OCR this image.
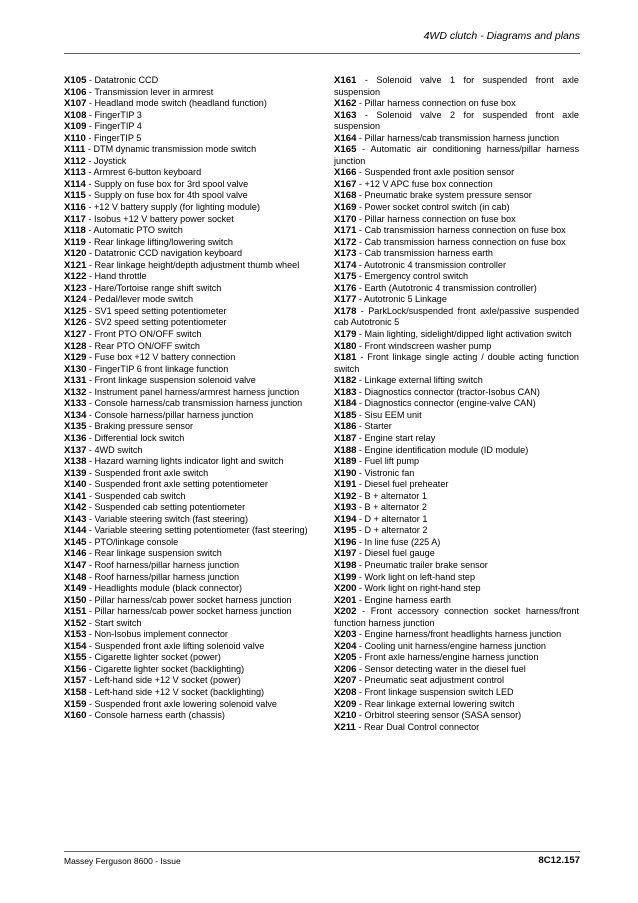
4WD clutch - Diagrams and plans

X105 - Datatronic CCD

X106 - Transmission lever in armrest

X107 - Headland mode switch (headland function)

X108 - FingerTIP 3

X109 - FingerTIP 4

X110 - FingerTIP 5

X111 - DTM dynamic transmission mode switch

X112 - Joystick

X113 - Armrest 6-button keyboard

X114 - Supply on fuse box for 3rd spool valve

X115 - Supply on fuse box for 4th spool valve

X116 - +12 V battery supply (for lighting module)

X117 - Isobus +12 V battery power socket

X118 - Automatic PTO switch

X119 - Rear linkage lifting/lowering switch

X120 - Datatronic CCD navigation keyboard

X121 - Rear linkage height/depth adjustment thumb wheel

X122 - Hand throttle

X123 - Hare/Tortoise range shift switch

X124 - Pedal/lever mode switch

X125 - SV1 speed setting potentiometer

X126 - SV2 speed setting potentiometer

X127 - Front PTO ON/OFF switch

X128 - Rear PTO ON/OFF switch

X129 - Fuse box +12 V battery connection

X130 - FingerTIP 6 front linkage function

X131 - Front linkage suspension solenoid valve

X132 - Instrument panel harness/armrest harness junction

X133 - Console harness/cab transmission harness junction

X134 - Console harness/pillar harness junction

X135 - Braking pressure sensor

X136 - Differential lock switch

X137 - 4WD switch

X138 - Hazard warning lights indicator light and switch

X139 - Suspended front axle switch

X140 - Suspended front axle setting potentiometer

X141 - Suspended cab switch

X142 - Suspended cab setting potentiometer

X143 - Variable steering switch (fast steering)

X144 - Variable steering setting potentiometer (fast steering)

X145 - PTO/linkage console

X146 - Rear linkage suspension switch

X147 - Roof harness/pillar harness junction

X148 - Roof harness/pillar harness junction

X149 - Headlights module (black connector)

X150 - Pillar harness/cab power socket harness junction

X151 - Pillar harness/cab power socket harness junction

X152 - Start switch

X153 - Non-Isobus implement connector

X154 - Suspended front axle lifting solenoid valve

X155 - Cigarette lighter socket (power)

X156 - Cigarette lighter socket (backlighting)

X157 - Left-hand side +12 V socket (power)

X158 - Left-hand side +12 V socket (backlighting)

X159 - Suspended front axle lowering solenoid valve

X160 - Console harness earth (chassis)

X161 - Solenoid valve 1 for suspended front axle suspension

X162 - Pillar harness connection on fuse box

X163 - Solenoid valve 2 for suspended front axle suspension

X164 - Pillar harness/cab transmission harness junction

X165 - Automatic air conditioning harness/pillar harness junction

X166 - Suspended front axle position sensor

X167 - +12 V APC fuse box connection

X168 - Pneumatic brake system pressure sensor

X169 - Power socket control switch (in cab)

X170 - Pillar harness connection on fuse box

X171 - Cab transmission harness connection on fuse box

X172 - Cab transmission harness connection on fuse box

X173 - Cab transmission harness earth

X174 - Autotronic 4 transmission controller

X175 - Emergency control switch

X176 - Earth (Autotronic 4 transmission controller)

X177 - Autotronic 5 Linkage

X178 - ParkLock/suspended front axle/passive suspended cab Autotronic 5

X179 - Main lighting, sidelight/dipped light activation switch

X180 - Front windscreen washer pump

X181 - Front linkage single acting / double acting function switch

X182 - Linkage external lifting switch

X183 - Diagnostics connector (tractor-Isobus CAN)

X184 - Diagnostics connector (engine-valve CAN)

X185 - Sisu EEM unit

X186 - Starter

X187 - Engine start relay

X188 - Engine identification module (ID module)

X189 - Fuel lift pump

X190 - Vistronic fan

X191 - Diesel fuel preheater

X192 - B + alternator 1

X193 - B + alternator 2

X194 - D + alternator 1

X195 - D + alternator 2

X196 - In line fuse (225 A)

X197 - Diesel fuel gauge

X198 - Pneumatic trailer brake sensor

X199 - Work light on left-hand step

X200 - Work light on right-hand step

X201 - Engine harness earth

X202 - Front accessory connection socket harness/front function harness junction

X203 - Engine harness/front headlights harness junction

X204 - Cooling unit harness/engine harness junction

X205 - Front axle harness/engine harness junction

X206 - Sensor detecting water in the diesel fuel

X207 - Pneumatic seat adjustment control

X208 - Front linkage suspension switch LED

X209 - Rear linkage external lowering switch

X210 - Orbitrol steering sensor (SASA sensor)

X211 - Rear Dual Control connector

Massey Ferguson 8600 - Issue	8C12.157
